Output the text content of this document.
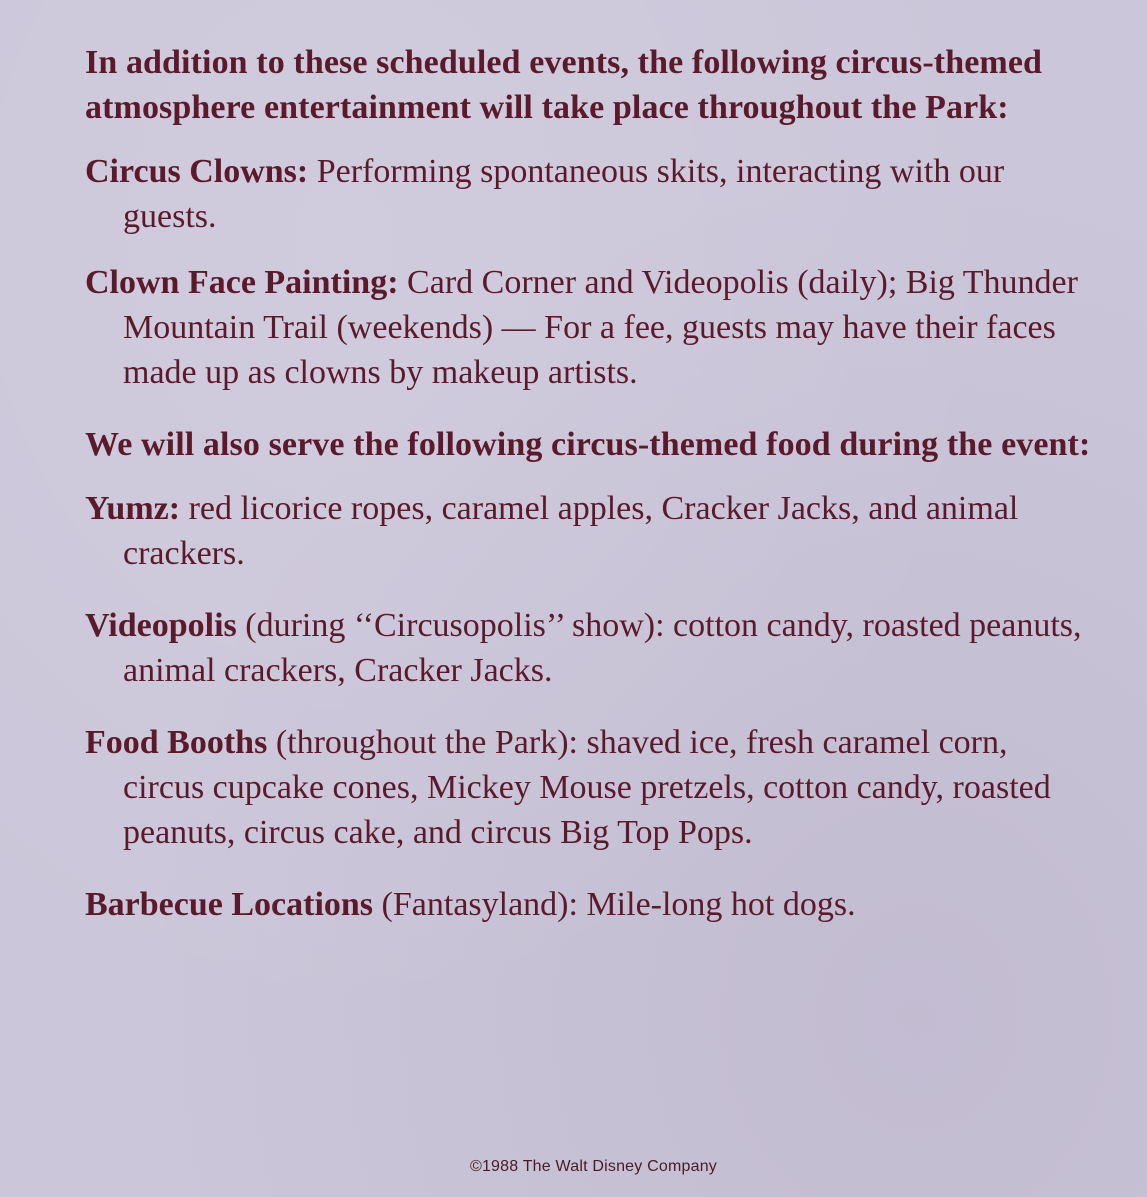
In addition to these scheduled events, the following circus-themed atmosphere entertainment will take place throughout the Park:

Circus Clowns: Performing spontaneous skits, interacting with our guests.

Clown Face Painting: Card Corner and Videopolis (daily); Big Thunder Mountain Trail (weekends) — For a fee, guests may have their faces made up as clowns by makeup artists.

We will also serve the following circus-themed food during the event:

Yumz: red licorice ropes, caramel apples, Cracker Jacks, and animal crackers.

Videopolis (during ‘‘Circusopolis’’ show): cotton candy, roasted peanuts, animal crackers, Cracker Jacks.

Food Booths (throughout the Park): shaved ice, fresh caramel corn, circus cupcake cones, Mickey Mouse pretzels, cotton candy, roasted peanuts, circus cake, and circus Big Top Pops.

Barbecue Locations (Fantasyland): Mile-long hot dogs.

©1988 The Walt Disney Company
